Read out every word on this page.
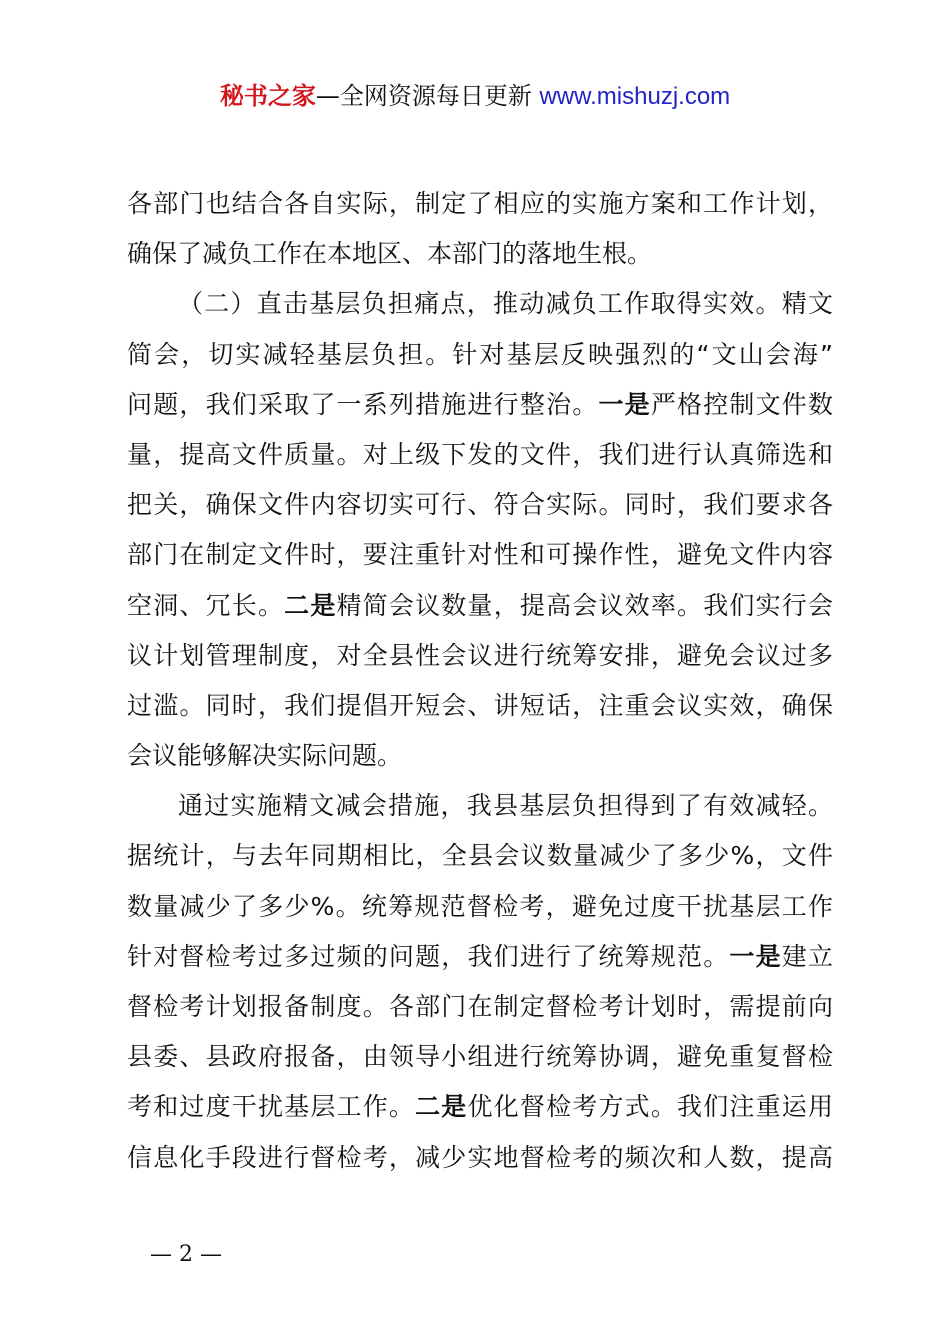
秘书之家—全网资源每日更新 www.mishuzj.com
各部门也结合各自实际，制定了相应的实施方案和工作计划，
确保了减负工作在本地区、本部门的落地生根。
（二）直击基层负担痛点，推动减负工作取得实效。精文
简会，切实减轻基层负担。针对基层反映强烈的“文山会海”
问题，我们采取了一系列措施进行整治。一是严格控制文件数
量，提高文件质量。对上级下发的文件，我们进行认真筛选和
把关，确保文件内容切实可行、符合实际。同时，我们要求各
部门在制定文件时，要注重针对性和可操作性，避免文件内容
空洞、冗长。二是精简会议数量，提高会议效率。我们实行会
议计划管理制度，对全县性会议进行统筹安排，避免会议过多
过滥。同时，我们提倡开短会、讲短话，注重会议实效，确保
会议能够解决实际问题。
通过实施精文减会措施，我县基层负担得到了有效减轻。
据统计，与去年同期相比，全县会议数量减少了多少%，文件
数量减少了多少%。统筹规范督检考，避免过度干扰基层工作
针对督检考过多过频的问题，我们进行了统筹规范。一是建立
督检考计划报备制度。各部门在制定督检考计划时，需提前向
县委、县政府报备，由领导小组进行统筹协调，避免重复督检
考和过度干扰基层工作。二是优化督检考方式。我们注重运用
信息化手段进行督检考，减少实地督检考的频次和人数，提高
— 2 —
